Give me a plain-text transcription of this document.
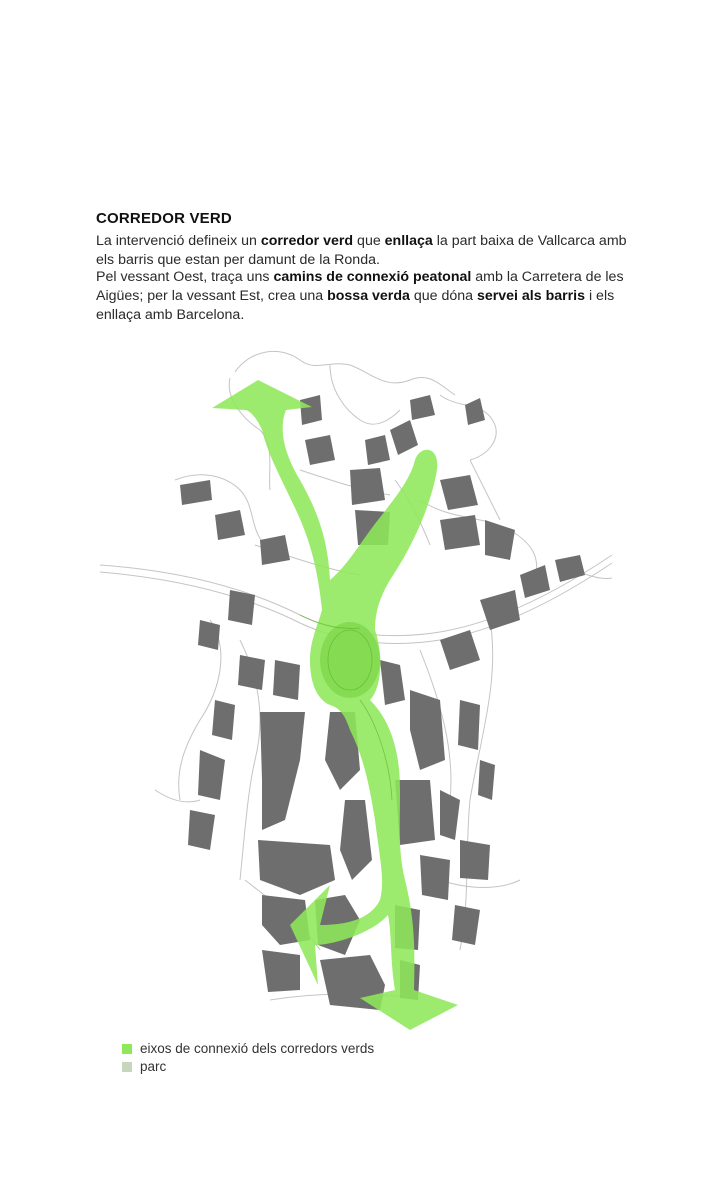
CORREDOR VERD
La intervenció defineix un corredor verd que enllaça la part baixa de Vallcarca amb els barris que estan per damunt de la Ronda.
Pel vessant Oest, traça uns camins de connexió peatonal amb la Carretera de les Aigües; per la vessant Est, crea una bossa verda que dóna servei als barris i els enllaça amb Barcelona.
eixos de connexió dels corredors verds
parc
